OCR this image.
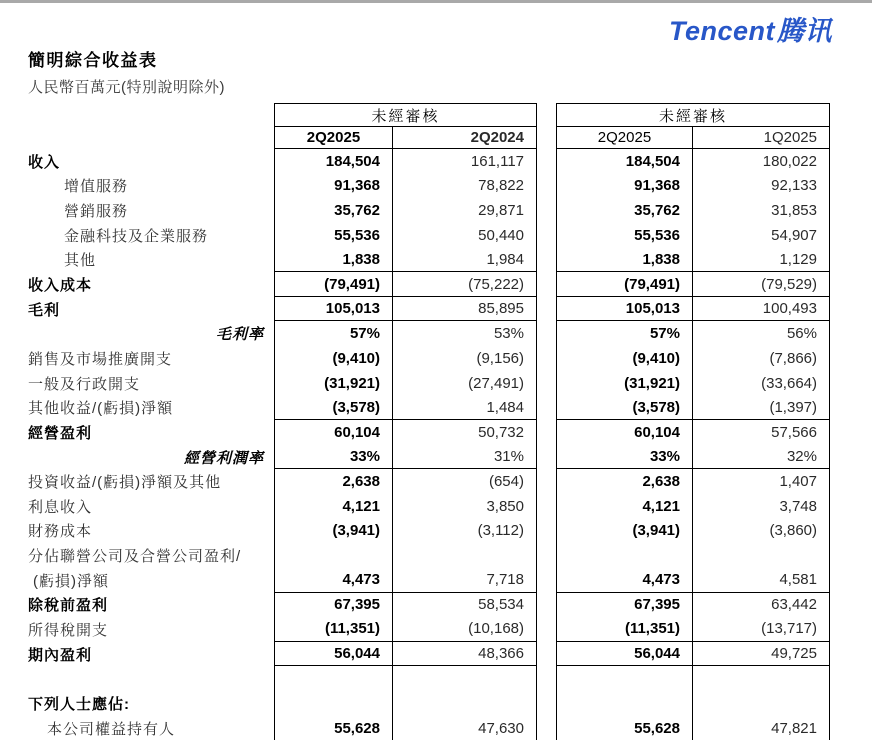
Tencent腾讯
簡明綜合收益表
人民幣百萬元(特別說明除外)
未經審核	未經審核
2Q2025	2Q2024	2Q2025	1Q2025
收入	184,504	161,117	184,504	180,022
增值服務	91,368	78,822	91,368	92,133
營銷服務	35,762	29,871	35,762	31,853
金融科技及企業服務	55,536	50,440	55,536	54,907
其他	1,838	1,984	1,838	1,129
收入成本	(79,491)	(75,222)	(79,491)	(79,529)
毛利	105,013	85,895	105,013	100,493
毛利率	57%	53%	57%	56%
銷售及市場推廣開支	(9,410)	(9,156)	(9,410)	(7,866)
一般及行政開支	(31,921)	(27,491)	(31,921)	(33,664)
其他收益/(虧損)淨額	(3,578)	1,484	(3,578)	(1,397)
經營盈利	60,104	50,732	60,104	57,566
經營利潤率	33%	31%	33%	32%
投資收益/(虧損)淨額及其他	2,638	(654)	2,638	1,407
利息收入	4,121	3,850	4,121	3,748
財務成本	(3,941)	(3,112)	(3,941)	(3,860)
分佔聯營公司及合營公司盈利/
(虧損)淨額	4,473	7,718	4,473	4,581
除稅前盈利	67,395	58,534	67,395	63,442
所得稅開支	(11,351)	(10,168)	(11,351)	(13,717)
期內盈利	56,044	48,366	56,044	49,725
下列人士應佔:
本公司權益持有人	55,628	47,630	55,628	47,821
